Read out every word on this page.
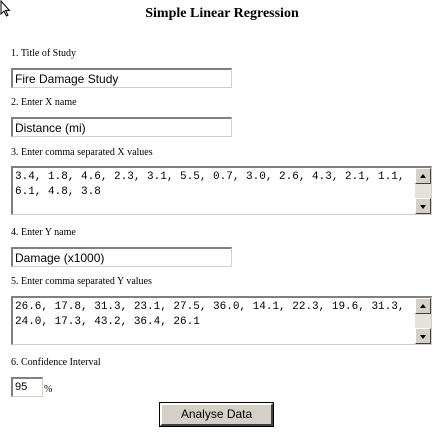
Simple Linear Regression
1. Title of Study
Fire Damage Study
2. Enter X name
Distance (mi)
3. Enter comma separated X values
3.4, 1.8, 4.6, 2.3, 3.1, 5.5, 0.7, 3.0, 2.6, 4.3, 2.1, 1.1, 6.1, 4.8, 3.8
4. Enter Y name
Damage (x1000)
5. Enter comma separated Y values
26.6, 17.8, 31.3, 23.1, 27.5, 36.0, 14.1, 22.3, 19.6, 31.3, 24.0, 17.3, 43.2, 36.4, 26.1
6. Confidence Interval
95	%
Analyse Data
